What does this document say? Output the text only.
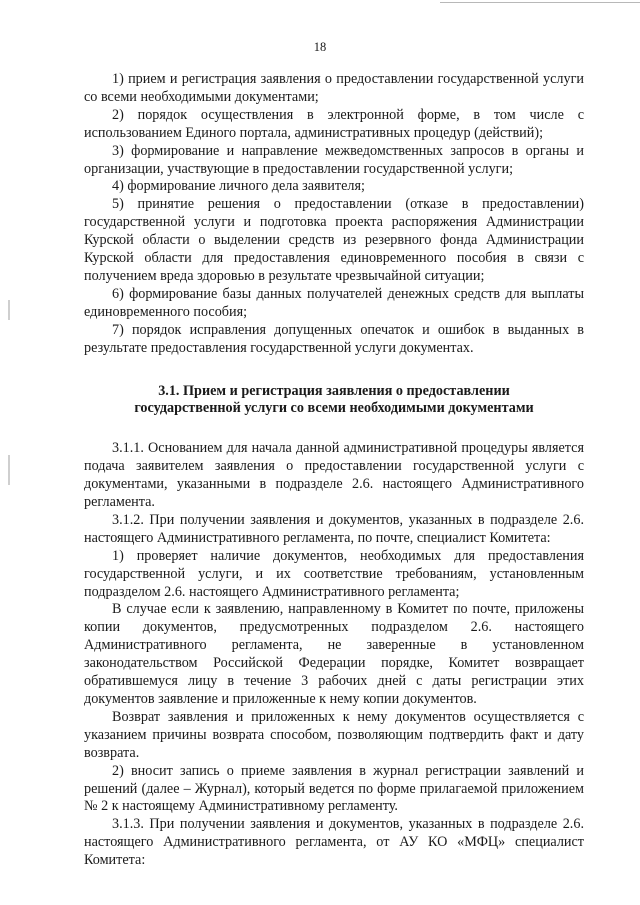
18

1) прием и регистрация заявления о предоставлении государственной услуги со всеми необходимыми документами;

2) порядок осуществления в электронной форме, в том числе с использованием Единого портала, административных процедур (действий);

3) формирование и направление межведомственных запросов в органы и организации, участвующие в предоставлении государственной услуги;

4) формирование личного дела заявителя;

5) принятие решения о предоставлении (отказе в предоставлении) государственной услуги и подготовка проекта распоряжения Администрации Курской области о выделении средств из резервного фонда Администрации Курской области для предоставления единовременного пособия в связи с получением вреда здоровью в результате чрезвычайной ситуации;

6) формирование базы данных получателей денежных средств для выплаты единовременного пособия;

7) порядок исправления допущенных опечаток и ошибок в выданных в результате предоставления государственной услуги документах.

3.1. Прием и регистрация заявления о предоставлении
государственной услуги со всеми необходимыми документами

3.1.1. Основанием для начала данной административной процедуры является подача заявителем заявления о предоставлении государственной услуги с документами, указанными в подразделе 2.6. настоящего Административного регламента.

3.1.2. При получении заявления и документов, указанных в подразделе 2.6. настоящего Административного регламента, по почте, специалист Комитета:

1) проверяет наличие документов, необходимых для предоставления государственной услуги, и их соответствие требованиям, установленным подразделом 2.6. настоящего Административного регламента;

В случае если к заявлению, направленному в Комитет по почте, приложены копии документов, предусмотренных подразделом 2.6. настоящего Административного регламента, не заверенные в установленном законодательством Российской Федерации порядке, Комитет возвращает обратившемуся лицу в течение 3 рабочих дней с даты регистрации этих документов заявление и приложенные к нему копии документов.

Возврат заявления и приложенных к нему документов осуществляется с указанием причины возврата способом, позволяющим подтвердить факт и дату возврата.

2) вносит запись о приеме заявления в журнал регистрации заявлений и решений (далее – Журнал), который ведется по форме прилагаемой приложением № 2 к настоящему Административному регламенту.

3.1.3. При получении заявления и документов, указанных в подразделе 2.6. настоящего Административного регламента, от АУ КО «МФЦ» специалист Комитета:
